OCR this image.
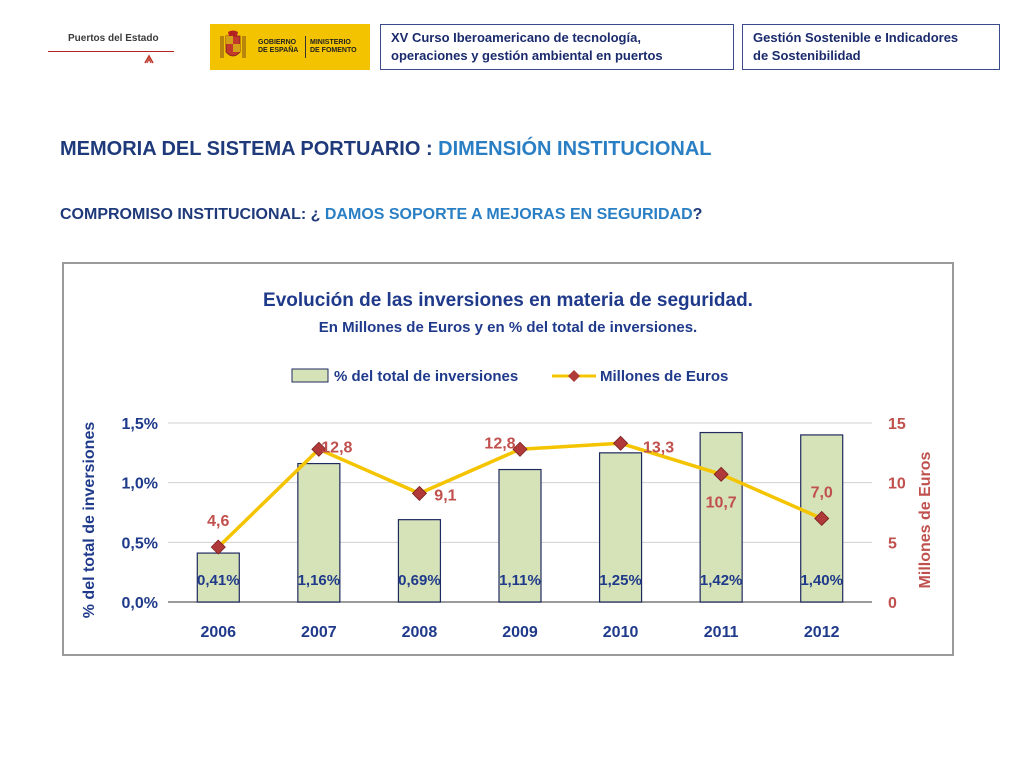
Puertos del Estado	GOBIERNO
DE ESPAÑA
MINISTERIO
DE FOMENTO
XV Curso Iberoamericano de tecnología,
operaciones y gestión ambiental en puertos
Gestión Sostenible e Indicadores
de Sostenibilidad
MEMORIA DEL SISTEMA PORTUARIO : DIMENSIÓN INSTITUCIONAL
COMPROMISO INSTITUCIONAL: ¿ DAMOS SOPORTE A MEJORAS EN SEGURIDAD?
Evolución de las inversiones en materia de seguridad.
En Millones de Euros y en % del total de inversiones.
% del total de inversiones	Millones de Euros
% del total de inversiones	Millones de Euros
0,0%
0,5%
1,0%
1,5%
0
5
10
15
0,41%	1,16%	0,69%	1,11%	1,25%	1,42%	1,40%
4,6
12,8
9,1
12,8	13,3
10,7
7,0
2006	2007	2008	2009	2010	2011	2012
